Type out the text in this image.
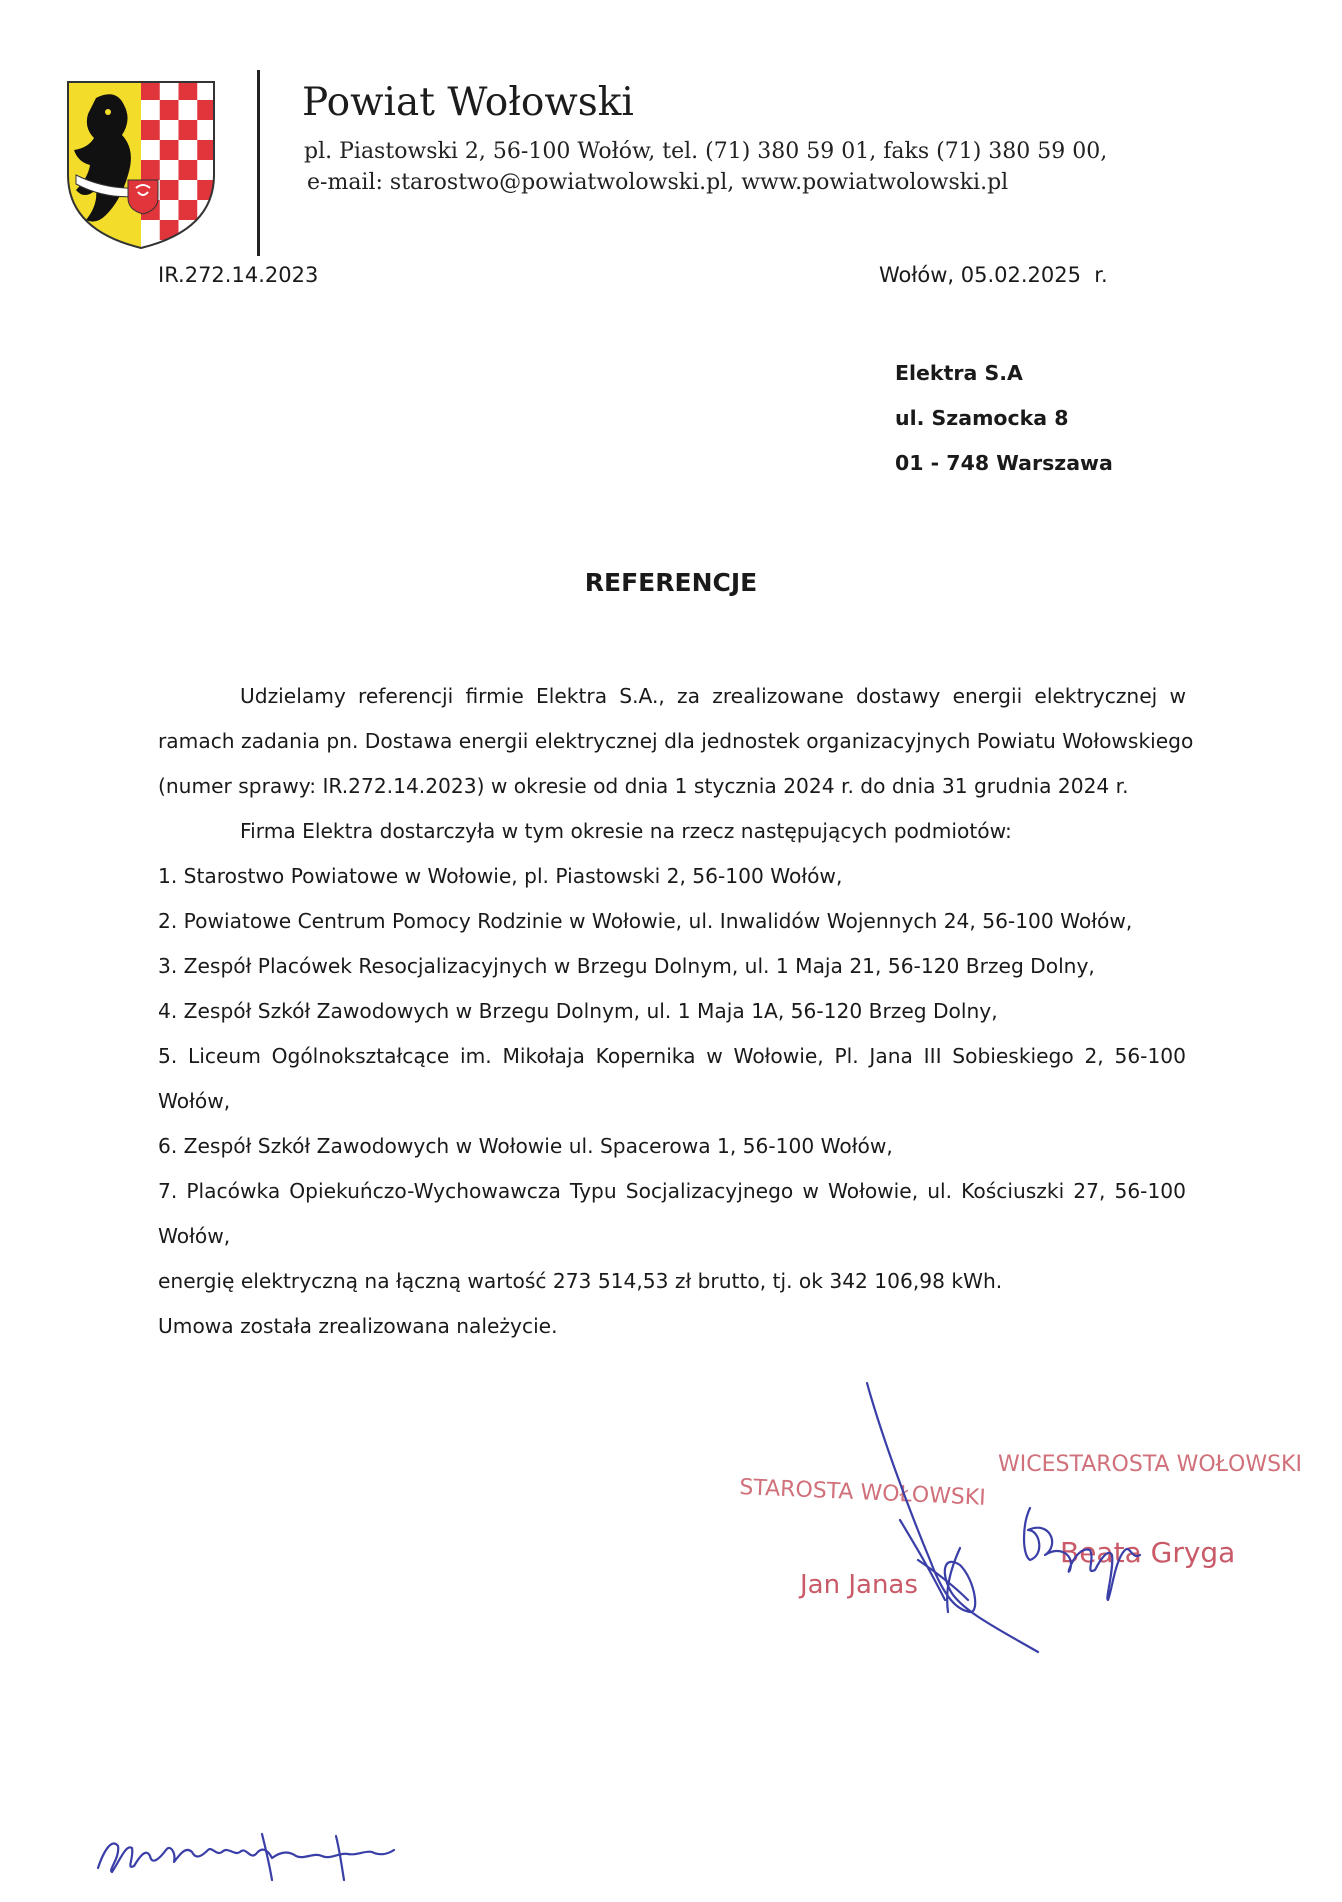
Powiat Wołowski
pl. Piastowski 2, 56-100 Wołów, tel. (71) 380 59 01, faks (71) 380 59 00,
e-mail: starostwo@powiatwolowski.pl, www.powiatwolowski.pl
IR.272.14.2023	Wołów, 05.02.2025  r.
Elektra S.A
ul. Szamocka 8
01 - 748 Warszawa
REFERENCJE
Udzielamy referencji firmie Elektra S.A., za zrealizowane dostawy energii elektrycznej w
ramach zadania pn. Dostawa energii elektrycznej dla jednostek organizacyjnych Powiatu Wołowskiego
(numer sprawy: IR.272.14.2023) w okresie od dnia 1 stycznia 2024 r. do dnia 31 grudnia 2024 r.
Firma Elektra dostarczyła w tym okresie na rzecz następujących podmiotów:
1. Starostwo Powiatowe w Wołowie, pl. Piastowski 2, 56-100 Wołów,
2. Powiatowe Centrum Pomocy Rodzinie w Wołowie, ul. Inwalidów Wojennych 24, 56-100 Wołów,
3. Zespół Placówek Resocjalizacyjnych w Brzegu Dolnym, ul. 1 Maja 21, 56-120 Brzeg Dolny,
4. Zespół Szkół Zawodowych w Brzegu Dolnym, ul. 1 Maja 1A, 56-120 Brzeg Dolny,
5. Liceum Ogólnokształcące im. Mikołaja Kopernika w Wołowie, Pl. Jana III Sobieskiego 2, 56-100
Wołów,
6. Zespół Szkół Zawodowych w Wołowie ul. Spacerowa 1, 56-100 Wołów,
7. Placówka Opiekuńczo-Wychowawcza Typu Socjalizacyjnego w Wołowie, ul. Kościuszki 27, 56-100
Wołów,
energię elektryczną na łączną wartość 273 514,53 zł brutto, tj. ok 342 106,98 kWh.
Umowa została zrealizowana należycie.
STAROSTA WOŁOWSKI
Jan Janas
WICESTAROSTA WOŁOWSKI
Beata Gryga
